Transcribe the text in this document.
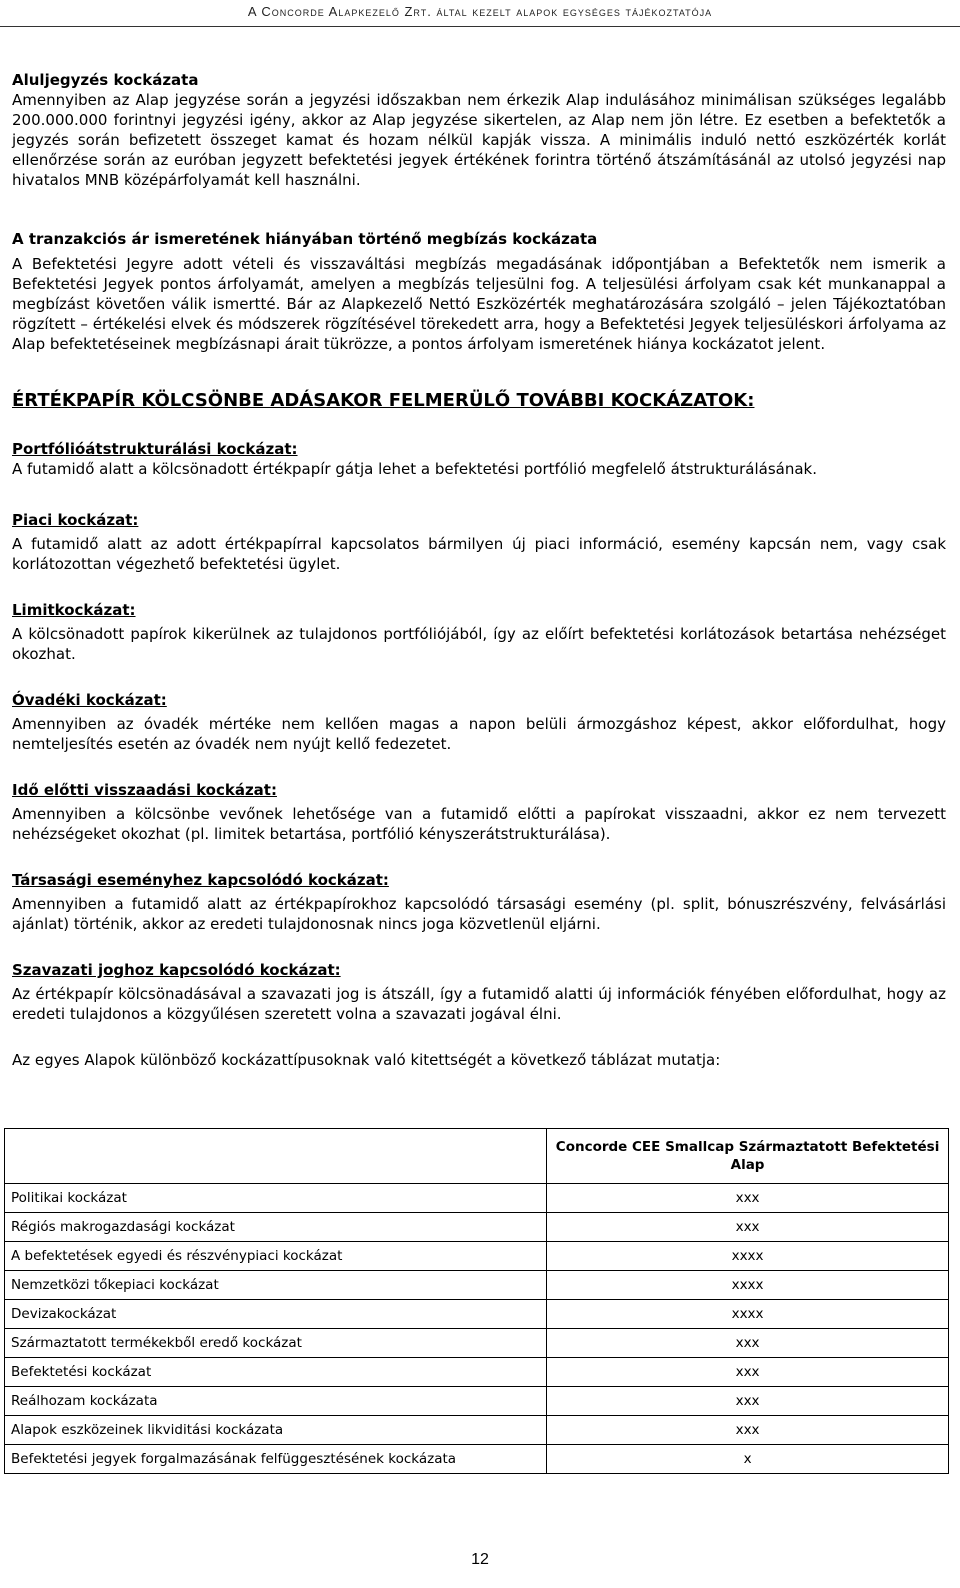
A Concorde Alapkezelő Zrt. által kezelt alapok egységes tájékoztatója

Aluljegyzés kockázata

Amennyiben az Alap jegyzése során a jegyzési időszakban nem érkezik Alap indulásához minimálisan szükséges legalább 200.000.000 forintnyi jegyzési igény, akkor az Alap jegyzése sikertelen, az Alap nem jön létre. Ez esetben a befektetők a jegyzés során befizetett összeget kamat és hozam nélkül kapják vissza. A minimális induló nettó eszközérték korlát ellenőrzése során az euróban jegyzett befektetési jegyek értékének forintra történő átszámításánál az utolsó jegyzési nap hivatalos MNB középárfolyamát kell használni.

A tranzakciós ár ismeretének hiányában történő megbízás kockázata

A Befektetési Jegyre adott vételi és visszaváltási megbízás megadásának időpontjában a Befektetők nem ismerik a Befektetési Jegyek pontos árfolyamát, amelyen a megbízás teljesülni fog. A teljesülési árfolyam csak két munkanappal a megbízást követően válik ismertté. Bár az Alapkezelő Nettó Eszközérték meghatározására szolgáló – jelen Tájékoztatóban rögzített – értékelési elvek és módszerek rögzítésével törekedett arra, hogy a Befektetési Jegyek teljesüléskori árfolyama az Alap befektetéseinek megbízásnapi árait tükrözze, a pontos árfolyam ismeretének hiánya kockázatot jelent.

ÉRTÉKPAPÍR KÖLCSÖNBE ADÁSAKOR FELMERÜLŐ TOVÁBBI KOCKÁZATOK:

Portfólióátstrukturálási kockázat:

A futamidő alatt a kölcsönadott értékpapír gátja lehet a befektetési portfólió megfelelő átstrukturálásának.

Piaci kockázat:

A futamidő alatt az adott értékpapírral kapcsolatos bármilyen új piaci információ, esemény kapcsán nem, vagy csak korlátozottan végezhető befektetési ügylet.

Limitkockázat:

A kölcsönadott papírok kikerülnek az tulajdonos portfóliójából, így az előírt befektetési korlátozások betartása nehézséget okozhat.

Óvadéki kockázat:

Amennyiben az óvadék mértéke nem kellően magas a napon belüli ármozgáshoz képest, akkor előfordulhat, hogy nemteljesítés esetén az óvadék nem nyújt kellő fedezetet.

Idő előtti visszaadási kockázat:

Amennyiben a kölcsönbe vevőnek lehetősége van a futamidő előtti a papírokat visszaadni, akkor ez nem tervezett nehézségeket okozhat (pl. limitek betartása, portfólió kényszerátstrukturálása).

Társasági eseményhez kapcsolódó kockázat:

Amennyiben a futamidő alatt az értékpapírokhoz kapcsolódó társasági esemény (pl. split, bónuszrészvény, felvásárlási ajánlat) történik, akkor az eredeti tulajdonosnak nincs joga közvetlenül eljárni.

Szavazati joghoz kapcsolódó kockázat:

Az értékpapír kölcsönadásával a szavazati jog is átszáll, így a futamidő alatti új információk fényében előfordulhat, hogy az eredeti tulajdonos a közgyűlésen szeretett volna a szavazati jogával élni.

Az egyes Alapok különböző kockázattípusoknak való kitettségét a következő táblázat mutatja:

	Concorde CEE Smallcap Származtatott Befektetési Alap
Politikai kockázat	xxx
Régiós makrogazdasági kockázat	xxx
A befektetések egyedi és részvénypiaci kockázat	xxxx
Nemzetközi tőkepiaci kockázat	xxxx
Devizakockázat	xxxx
Származtatott termékekből eredő kockázat	xxx
Befektetési kockázat	xxx
Reálhozam kockázata	xxx
Alapok eszközeinek likviditási kockázata	xxx
Befektetési jegyek forgalmazásának felfüggesztésének kockázata	x
12
